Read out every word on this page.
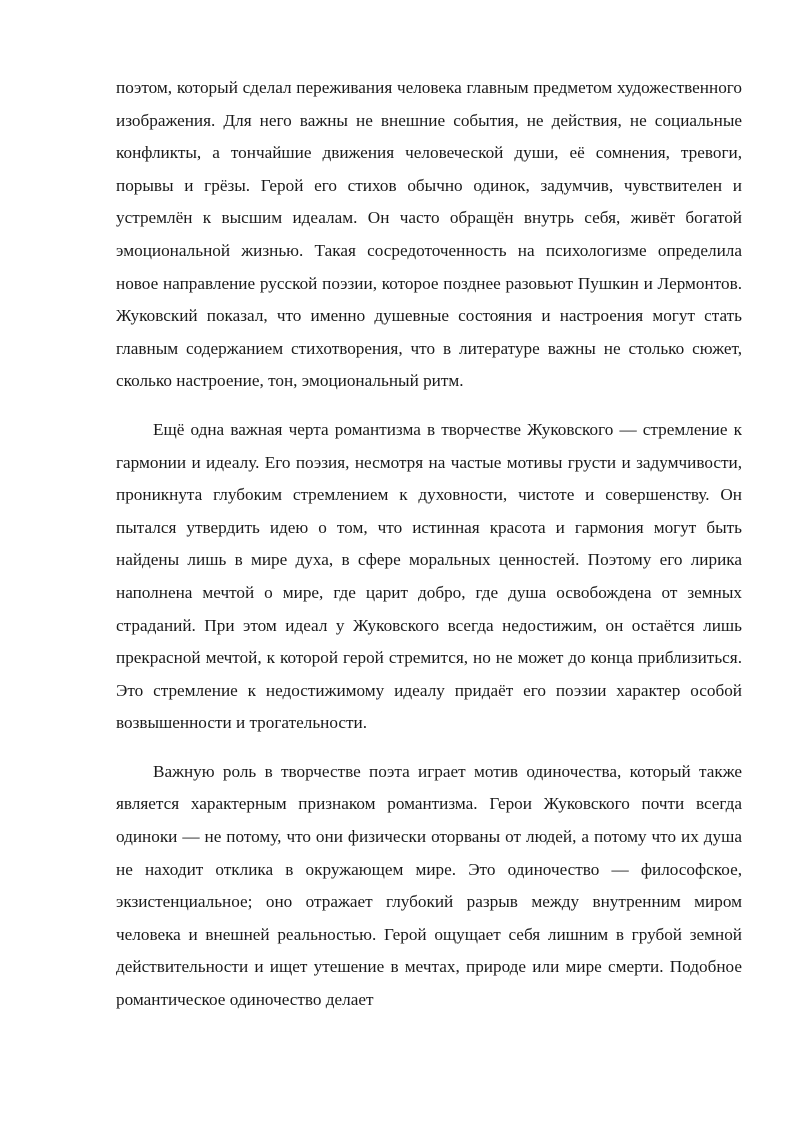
поэтом, который сделал переживания человека главным предметом художественного изображения. Для него важны не внешние события, не действия, не социальные конфликты, а тончайшие движения человеческой души, её сомнения, тревоги, порывы и грёзы. Герой его стихов обычно одинок, задумчив, чувствителен и устремлён к высшим идеалам. Он часто обращён внутрь себя, живёт богатой эмоциональной жизнью. Такая сосредоточенность на психологизме определила новое направление русской поэзии, которое позднее разовьют Пушкин и Лермонтов. Жуковский показал, что именно душевные состояния и настроения могут стать главным содержанием стихотворения, что в литературе важны не столько сюжет, сколько настроение, тон, эмоциональный ритм.

Ещё одна важная черта романтизма в творчестве Жуковского — стремление к гармонии и идеалу. Его поэзия, несмотря на частые мотивы грусти и задумчивости, проникнута глубоким стремлением к духовности, чистоте и совершенству. Он пытался утвердить идею о том, что истинная красота и гармония могут быть найдены лишь в мире духа, в сфере моральных ценностей. Поэтому его лирика наполнена мечтой о мире, где царит добро, где душа освобождена от земных страданий. При этом идеал у Жуковского всегда недостижим, он остаётся лишь прекрасной мечтой, к которой герой стремится, но не может до конца приблизиться. Это стремление к недостижимому идеалу придаёт его поэзии характер особой возвышенности и трогательности.

Важную роль в творчестве поэта играет мотив одиночества, который также является характерным признаком романтизма. Герои Жуковского почти всегда одиноки — не потому, что они физически оторваны от людей, а потому что их душа не находит отклика в окружающем мире. Это одиночество — философское, экзистенциальное; оно отражает глубокий разрыв между внутренним миром человека и внешней реальностью. Герой ощущает себя лишним в грубой земной действительности и ищет утешение в мечтах, природе или мире смерти. Подобное романтическое одиночество делает
